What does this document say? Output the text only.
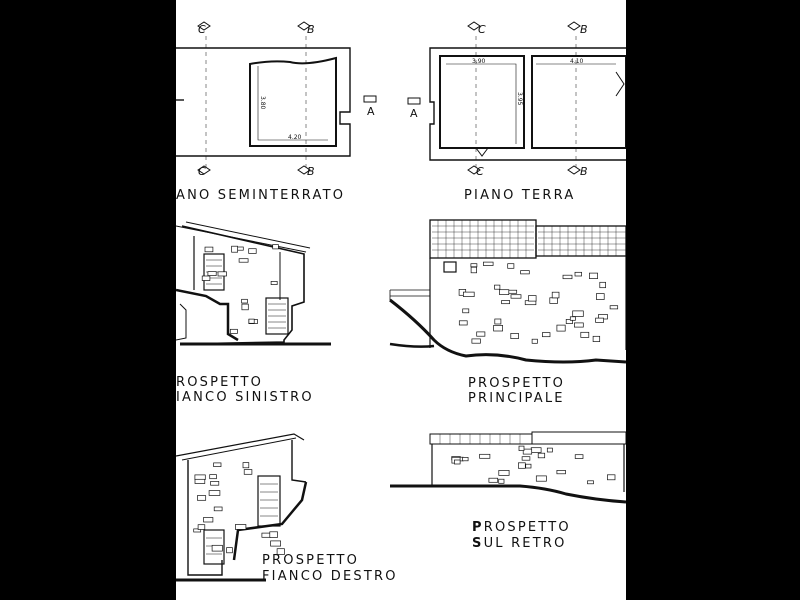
C	B
C	B
C	B
C	B
A	A
3.80
4.20
3.90
3.95
4.10
ANO SEMINTERRATO	PIANO TERRA
ROSPETTO
IANCO SINISTRO
PROSPETTO
PRINCIPALE
PROSPETTO
FIANCO DESTRO
PROSPETTO
SUL RETRO
